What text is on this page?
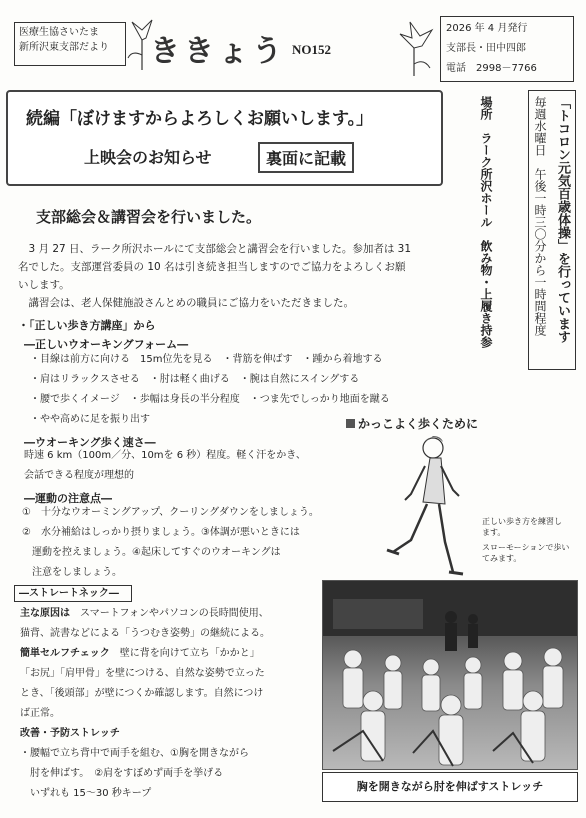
医療生協さいたま
新所沢東支部だより	ききょう NO152
2026 年 4 月発行
支部長・田中四郎
電話　2998－7766
続編「ぼけますからよろしくお願いします。」
上映会のお知らせ	裏面に記載	「トコロン元気百歳体操」を行っています
毎週水曜日　午後一時三〇分から一時間程度
場所　ラーク所沢ホール　飲み物・上履き持参
支部総会＆講習会を行いました。
　3 月 27 日、ラーク所沢ホールにて支部総会と講習会を行いました。参加者は 31
名でした。支部運営委員の 10 名は引き続き担当しますのでご協力をよろしくお願
いします。
　講習会は、老人保健施設さんとめの職員にご協力をいただきました。
・「正しい歩き方講座」から
―正しいウオーキングフォーム―
・目線は前方に向ける　15m位先を見る　・背筋を伸ばす　・踵から着地する
・肩はリラックスさせる　・肘は軽く曲げる　・腕は自然にスイングする
・腰で歩くイメージ　・歩幅は身長の半分程度　・つま先でしっかり地面を蹴る
・やや高めに足を振り出す
―ウオーキング歩く速さ―
時速 6 km（100m／分、10mを 6 秒）程度。軽く汗をかき、
会話できる程度が理想的
―運動の注意点―
①　十分なウオーミングアップ、クーリングダウンをしましょう。
②　水分補給はしっかり摂りましょう。③体調が悪いときには
　運動を控えましょう。④起床してすぐのウオーキングは
　注意をしましょう。
かっこよく歩くために
正しい歩き方を練習します。
スローモーションで歩いてみます。
―ストレートネック―
主な原因は　スマートフォンやパソコンの長時間使用、
猫背、読書などによる「うつむき姿勢」の継続による。
簡単セルフチェック　壁に背を向けて立ち「かかと」
「お尻」「肩甲骨」を壁につける、自然な姿勢で立った
とき、「後頭部」が壁につくか確認します。自然につけ
ば正常。
改善・予防ストレッチ
・腰幅で立ち背中で両手を組む、①胸を開きながら
　肘を伸ばす。　②肩をすぼめず両手を挙げる
　いずれも 15～30 秒キープ
胸を開きながら肘を伸ばすストレッチ
